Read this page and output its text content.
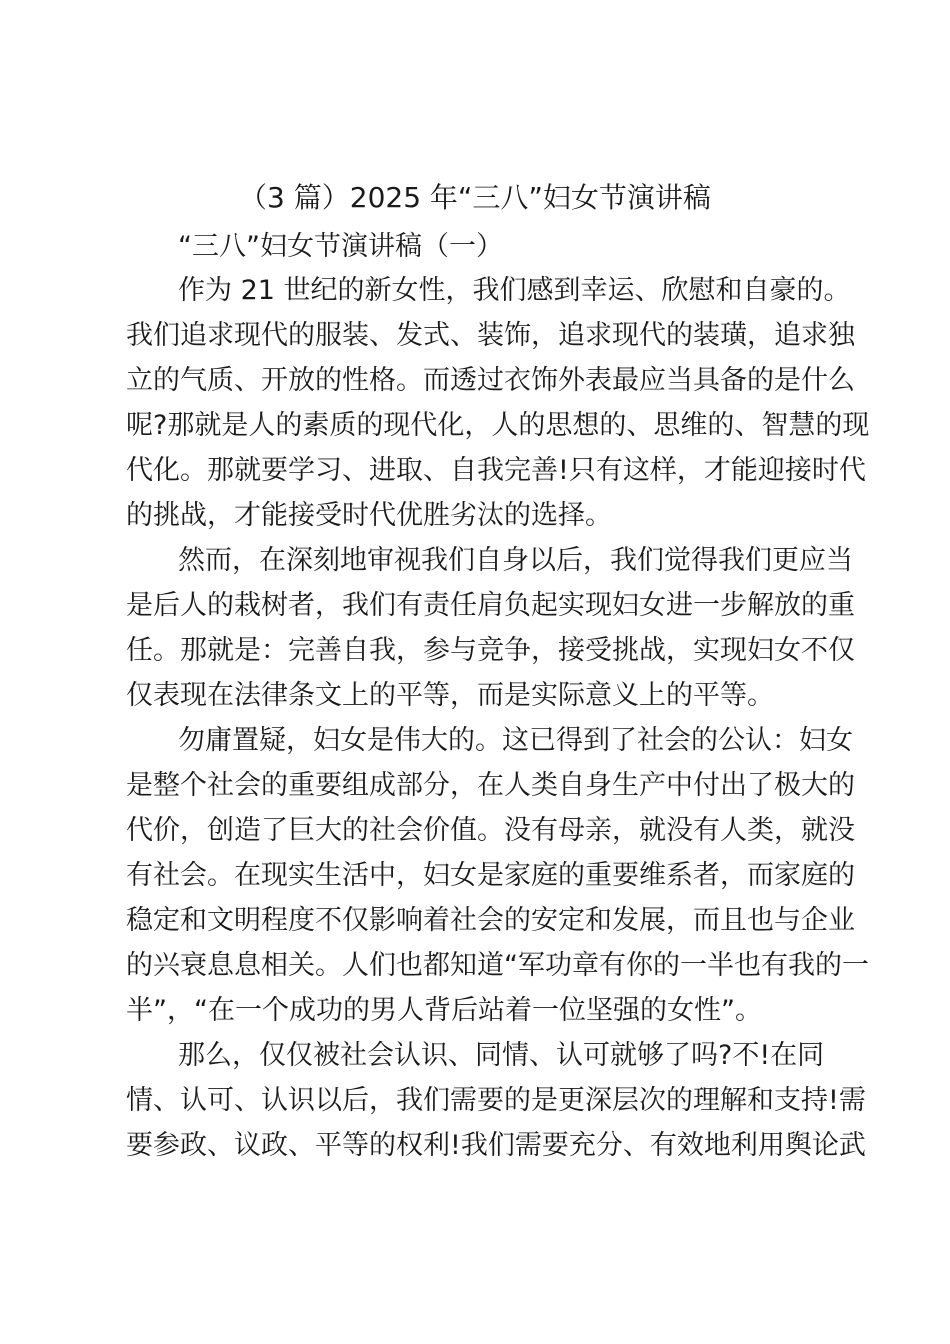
（3 篇）2025 年“三八”妇女节演讲稿
“三八”妇女节演讲稿（一）
作为 21 世纪的新女性，我们感到幸运、欣慰和自豪的。
我们追求现代的服装、发式、装饰，追求现代的装璜，追求独
立的气质、开放的性格。而透过衣饰外表最应当具备的是什么
呢?那就是人的素质的现代化，人的思想的、思维的、智慧的现
代化。那就要学习、进取、自我完善!只有这样，才能迎接时代
的挑战，才能接受时代优胜劣汰的选择。
然而，在深刻地审视我们自身以后，我们觉得我们更应当
是后人的栽树者，我们有责任肩负起实现妇女进一步解放的重
任。那就是：完善自我，参与竞争，接受挑战，实现妇女不仅
仅表现在法律条文上的平等，而是实际意义上的平等。
勿庸置疑，妇女是伟大的。这已得到了社会的公认：妇女
是整个社会的重要组成部分，在人类自身生产中付出了极大的
代价，创造了巨大的社会价值。没有母亲，就没有人类，就没
有社会。在现实生活中，妇女是家庭的重要维系者，而家庭的
稳定和文明程度不仅影响着社会的安定和发展，而且也与企业
的兴衰息息相关。人们也都知道“军功章有你的一半也有我的一
半”，“在一个成功的男人背后站着一位坚强的女性”。
那么，仅仅被社会认识、同情、认可就够了吗?不!在同
情、认可、认识以后，我们需要的是更深层次的理解和支持!需
要参政、议政、平等的权利!我们需要充分、有效地利用舆论武
